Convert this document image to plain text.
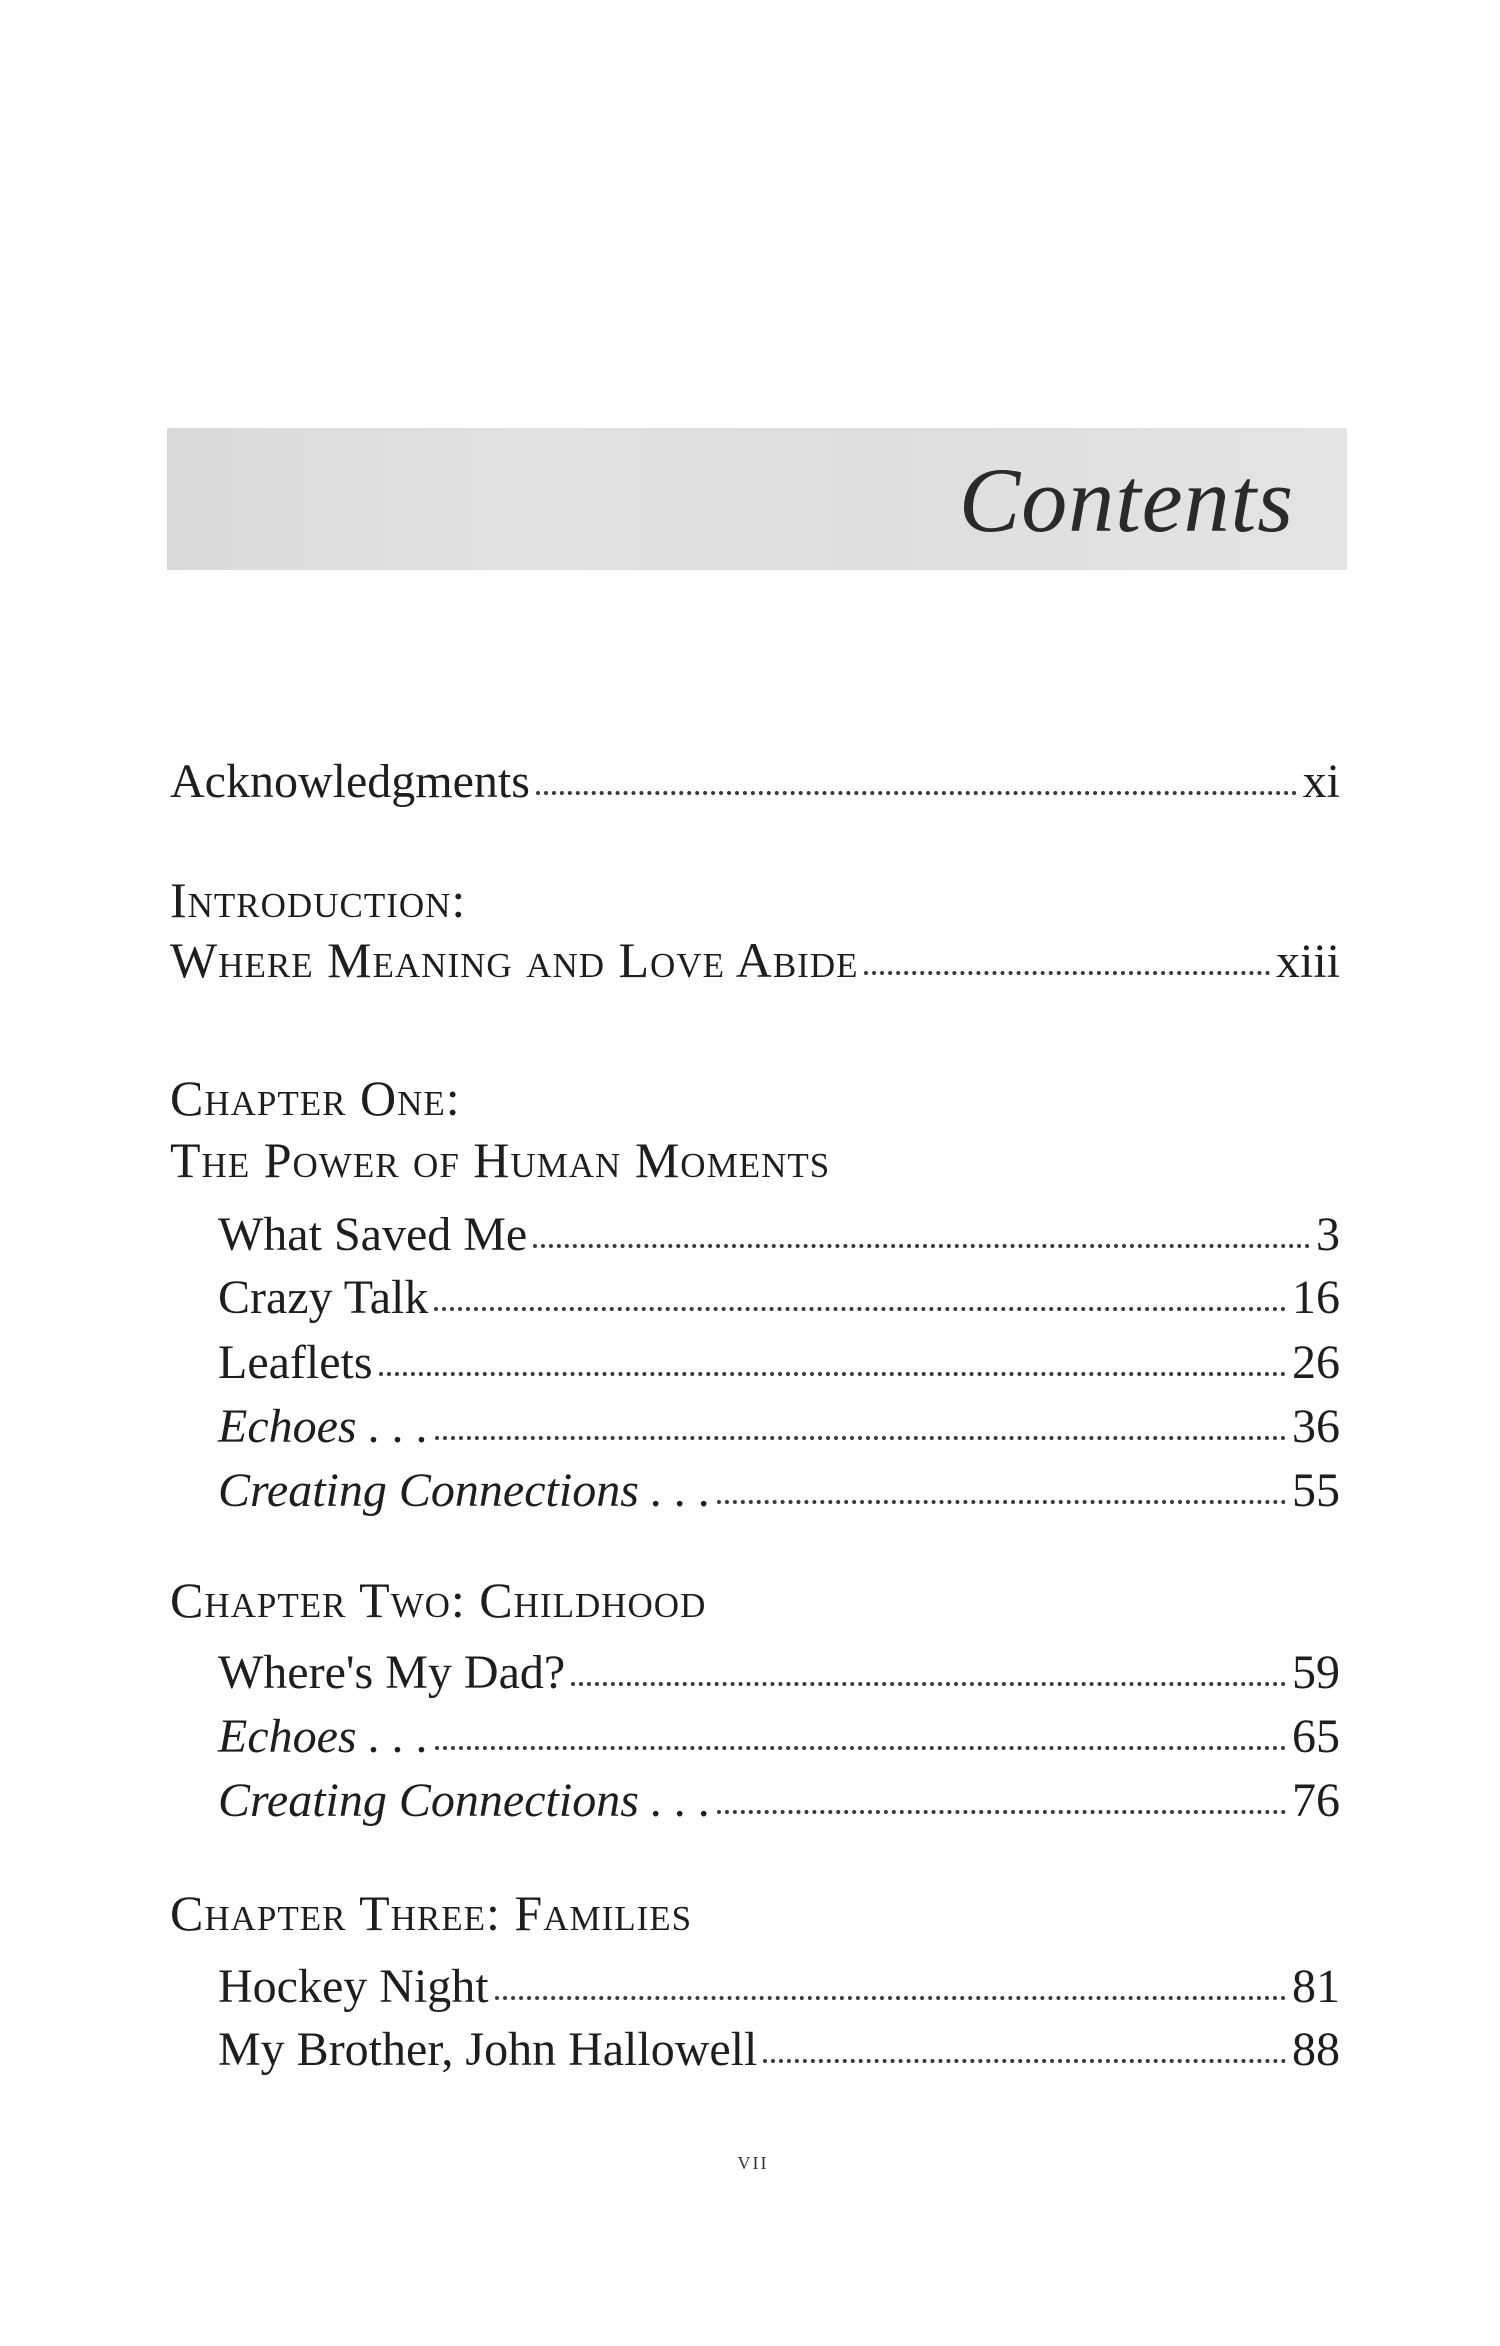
Contents
Acknowledgments	xi
Introduction:
Where Meaning and Love Abide	xiii
Chapter One:
The Power of Human Moments
What Saved Me	3
Crazy Talk	16
Leaflets	26
Echoes . . .	36
Creating Connections . . .	55
Chapter Two: Childhood
Where's My Dad?	59
Echoes . . .	65
Creating Connections . . .	76
Chapter Three: Families
Hockey Night	81
My Brother, John Hallowell	88
vii
